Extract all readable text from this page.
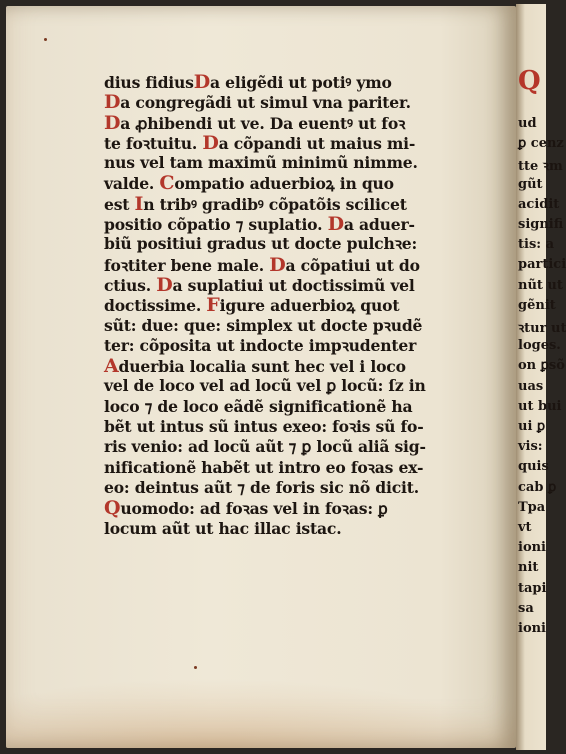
Q
ud
ꝑ cenz
tte ꝛm
gũt
acidit
signifi
tis: a
partici
nũt ut
gẽnit
ꝛtur ut
loges.
on ꝑsõ
uas
ut bui
ui ꝑ
vis:
quis
cab ꝑ
Tpa
vt
ioni
nit
tapi
sa
ioni
dius fidiusDa eligẽdi ut potiꝰ ymo
Da congregãdi ut simul vna pariter.
Da ꝓhibendi ut ve. Da euentꝰ ut foꝛ
te foꝛtuitu. Da cõpandi ut maius mi-
nus vel tam maximũ minimũ nimme.
valde. Compatio aduerbioꝝ in quo
est In tribꝰ gradibꝰ cõpatõis scilicet
positio cõpatio ⁊ suplatio. Da aduer-
biũ positiui gradus ut docte pulchꝛe:
foꝛtiter bene male. Da cõpatiui ut do
ctius. Da suplatiui ut doctissimũ vel
doctissime. Figure aduerbioꝝ quot
sũt: due: que: simplex ut docte pꝛudẽ
ter: cõposita ut indocte impꝛudenter
Aduerbia localia sunt hec vel i loco
vel de loco vel ad locũ vel ꝑ locũ: ſz in
loco ⁊ de loco eãdẽ significationẽ ha
bẽt ut intus sũ intus exeo: foꝛis sũ fo-
ris venio: ad locũ aũt ⁊ ꝑ locũ aliã sig-
nificationẽ habẽt ut intro eo foꝛas ex-
eo: deintus aũt ⁊ de foris sic nõ dicit.
Quomodo: ad foꝛas vel in foꝛas: ꝑ
locum aũt ut hac illac istac.
